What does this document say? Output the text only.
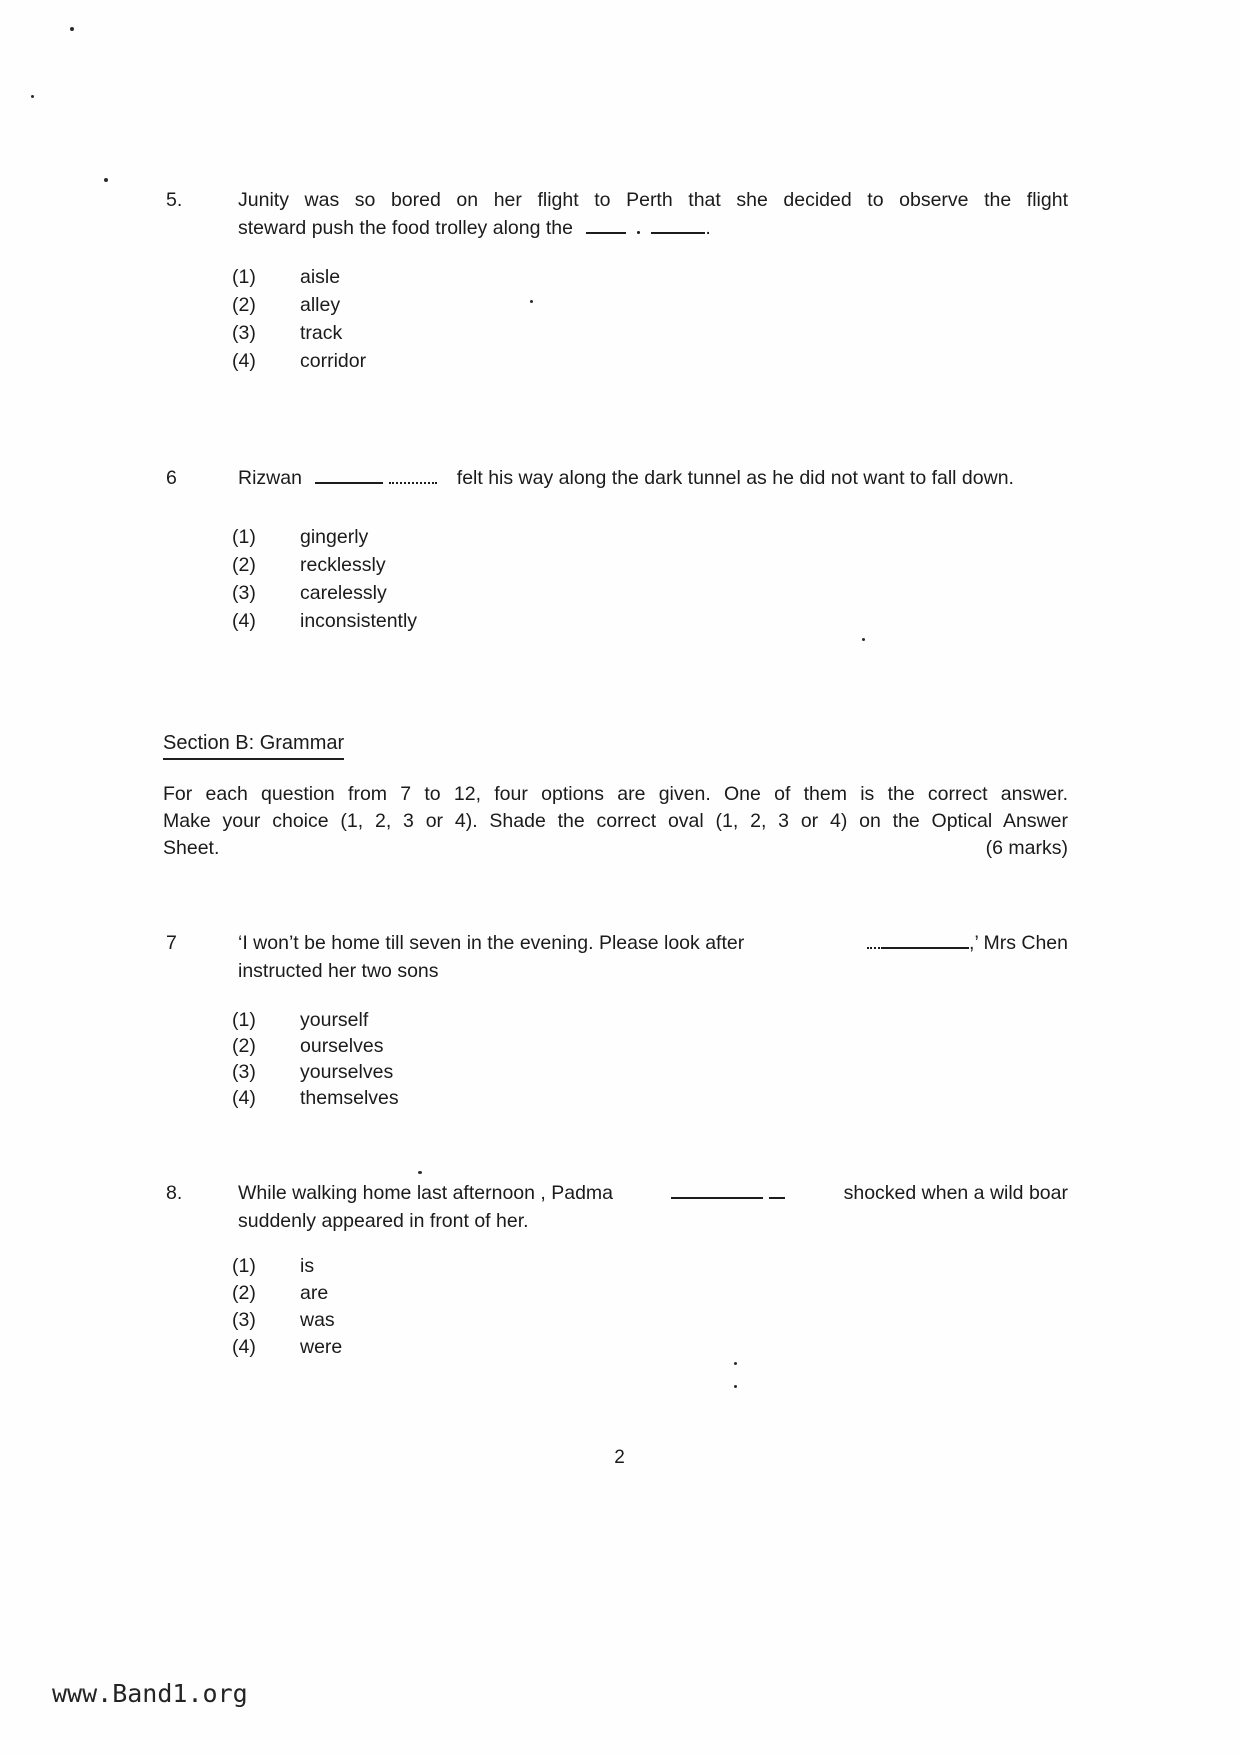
5.	Junity was so bored on her flight to Perth that she decided to observe the flight
steward push the food trolley along the	.
(1)	aisle
(2)	alley
(3)	track
(4)	corridor
6	Rizwan	felt his way along the dark tunnel as he did not want to fall down.
(1)	gingerly
(2)	recklessly
(3)	carelessly
(4)	inconsistently
Section B: Grammar
For each question from 7 to 12, four options are given. One of them is the correct answer.
Make your choice (1, 2, 3 or 4). Shade the correct oval (1, 2, 3 or 4) on the Optical Answer
Sheet.	(6 marks)
7	‘I won’t be home till seven in the evening. Please look after	,’ Mrs Chen
instructed her two sons
(1)	yourself
(2)	ourselves
(3)	yourselves
(4)	themselves
8.	While walking home last afternoon , Padma	shocked when a wild boar
suddenly appeared in front of her.
(1)	is
(2)	are
(3)	was
(4)	were
2
www.Band1.org
